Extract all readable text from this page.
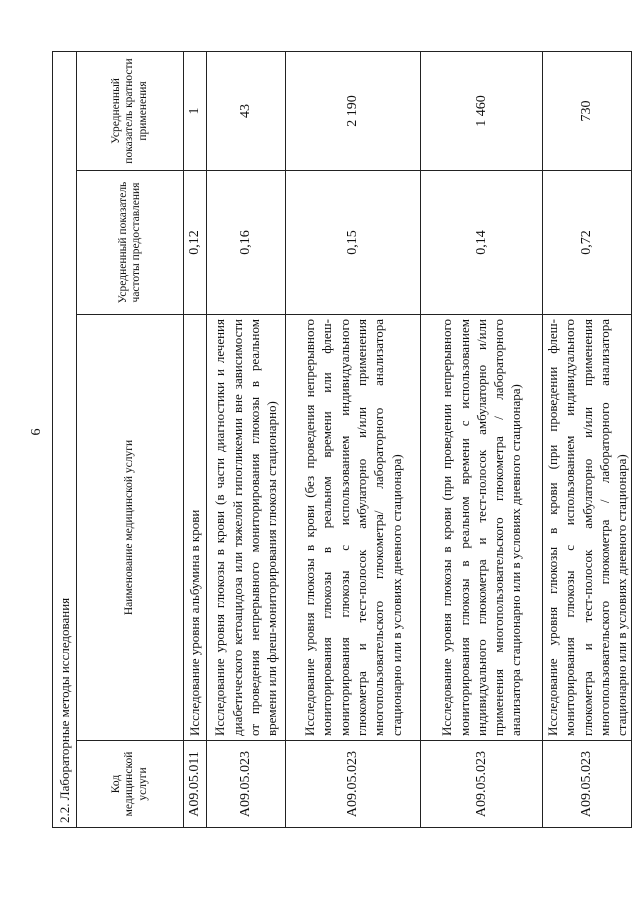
6
2.2. Лабораторные методы исследования			
Код медицинской услуги	Наименование медицинской услуги	Усредненный показатель частоты предоставления	Усредненный показатель кратности применения
A09.05.011	Исследование уровня альбумина в крови	0,12	1
A09.05.023	Исследование уровня глюкозы в крови (в части диагностики и лечения диабетического кетоацидоза или тяжелой гипогликемии вне зависимости от проведения непрерывного мониторирования глюкозы в реальном времени или флеш-мониторирования глюкозы стационарно)	0,16	43
A09.05.023	Исследование уровня глюкозы в крови (без проведения непрерывного мониторирования глюкозы в реальном времени или флеш-мониторирования глюкозы с использованием индивидуального глюкометра и тест-полосок амбулаторно и/или применения многопользовательского глюкометра/ лабораторного анализатора стационарно или в условиях дневного стационара)	0,15	2 190
A09.05.023	Исследование уровня глюкозы в крови (при проведении непрерывного мониторирования глюкозы в реальном времени с использованием индивидуального глюкометра и тест-полосок амбулаторно и/или применения многопользовательского глюкометра / лабораторного анализатора стационарно или в условиях дневного стационара)	0,14	1 460
A09.05.023	Исследование уровня глюкозы в крови (при проведении флеш-мониторирования глюкозы с использованием индивидуального глюкометра и тест-полосок амбулаторно и/или применения многопользовательского глюкометра / лабораторного анализатора стационарно или в условиях дневного стационара)	0,72	730
